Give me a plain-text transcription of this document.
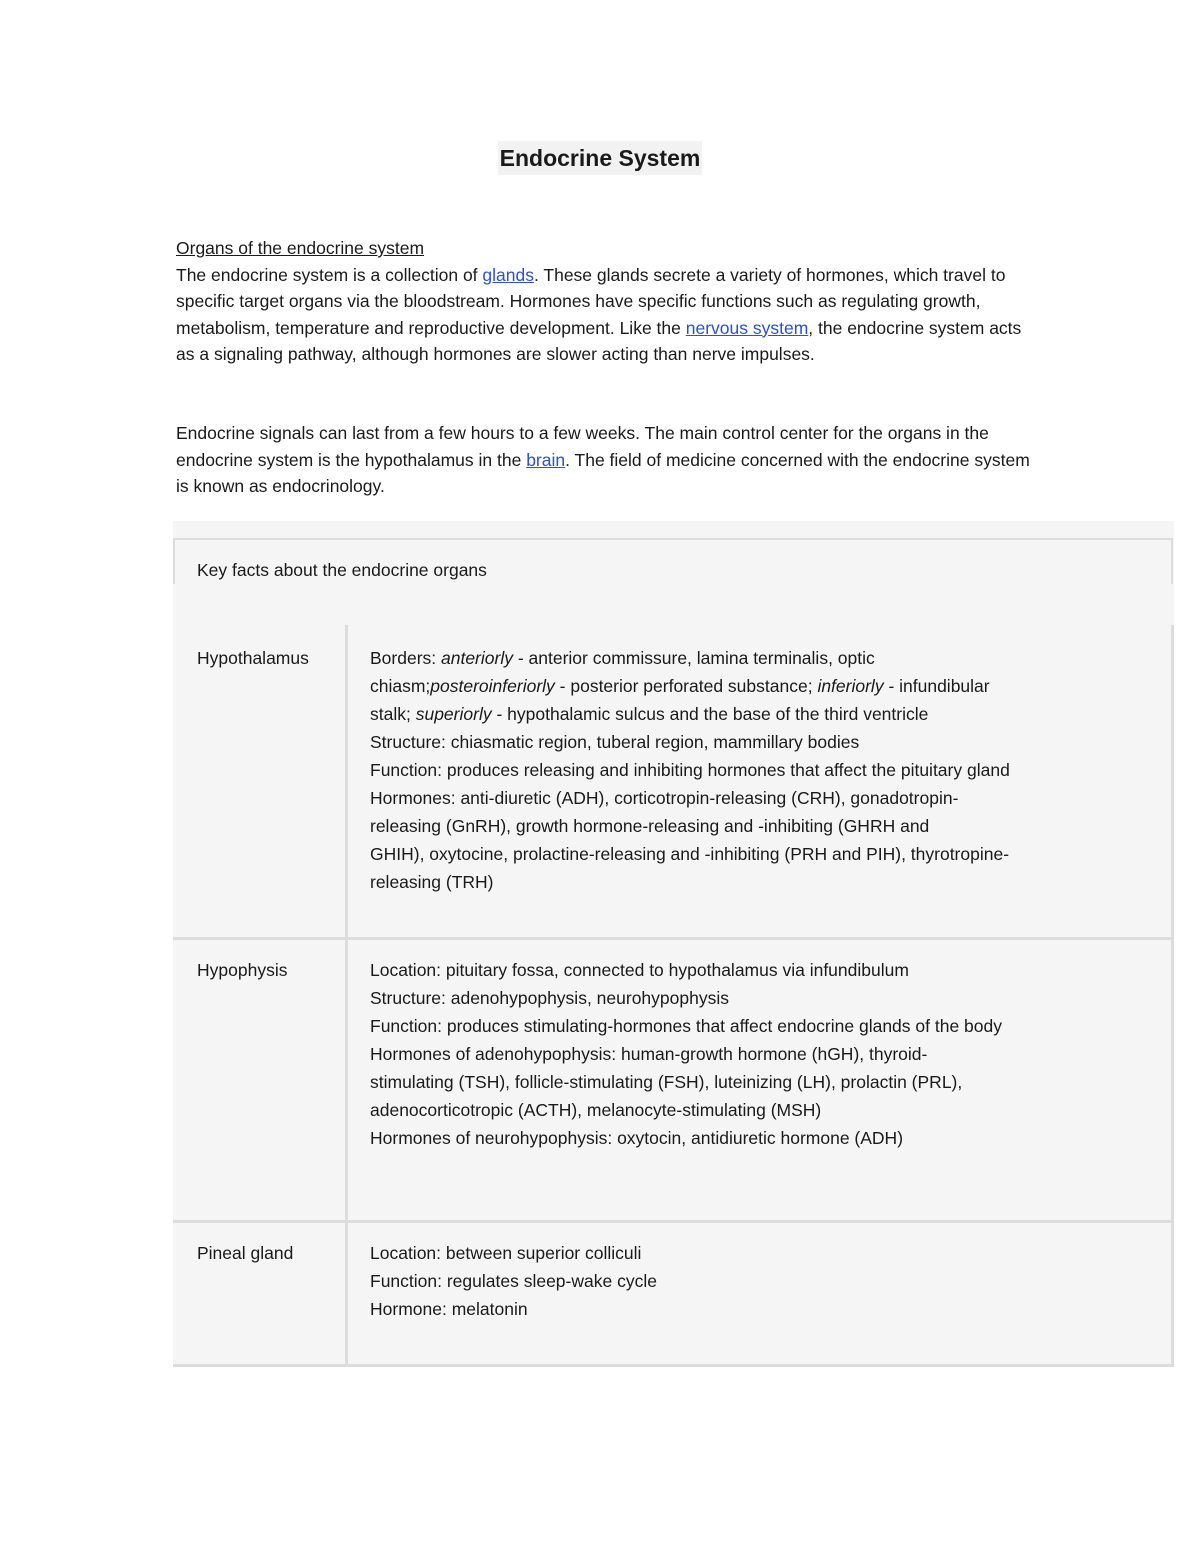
Endocrine System

Organs of the endocrine system
The endocrine system is a collection of glands. These glands secrete a variety of hormones, which travel to specific target organs via the bloodstream. Hormones have specific functions such as regulating growth, metabolism, temperature and reproductive development. Like the nervous system, the endocrine system acts as a signaling pathway, although hormones are slower acting than nerve impulses.

Endocrine signals can last from a few hours to a few weeks. The main control center for the organs in the endocrine system is the hypothalamus in the brain. The field of medicine concerned with the endocrine system is known as endocrinology.

Key facts about the endocrine organs
Hypothalamus	Borders: anteriorly - anterior commissure, lamina terminalis, optic
chiasm;posteroinferiorly - posterior perforated substance; inferiorly - infundibular
stalk; superiorly - hypothalamic sulcus and the base of the third ventricle
Structure: chiasmatic region, tuberal region, mammillary bodies
Function: produces releasing and inhibiting hormones that affect the pituitary gland
Hormones: anti-diuretic (ADH), corticotropin-releasing (CRH), gonadotropin-
releasing (GnRH), growth hormone-releasing and -inhibiting (GHRH and
GHIH), oxytocine, prolactine-releasing and -inhibiting (PRH and PIH), thyrotropine-
releasing (TRH)
Hypophysis	Location: pituitary fossa, connected to hypothalamus via infundibulum
Structure: adenohypophysis, neurohypophysis
Function: produces stimulating-hormones that affect endocrine glands of the body
Hormones of adenohypophysis: human-growth hormone (hGH), thyroid-
stimulating (TSH), follicle-stimulating (FSH), luteinizing (LH), prolactin (PRL),
adenocorticotropic (ACTH), melanocyte-stimulating (MSH)
Hormones of neurohypophysis: oxytocin, antidiuretic hormone (ADH)
Pineal gland	Location: between superior colliculi
Function: regulates sleep-wake cycle
Hormone: melatonin
